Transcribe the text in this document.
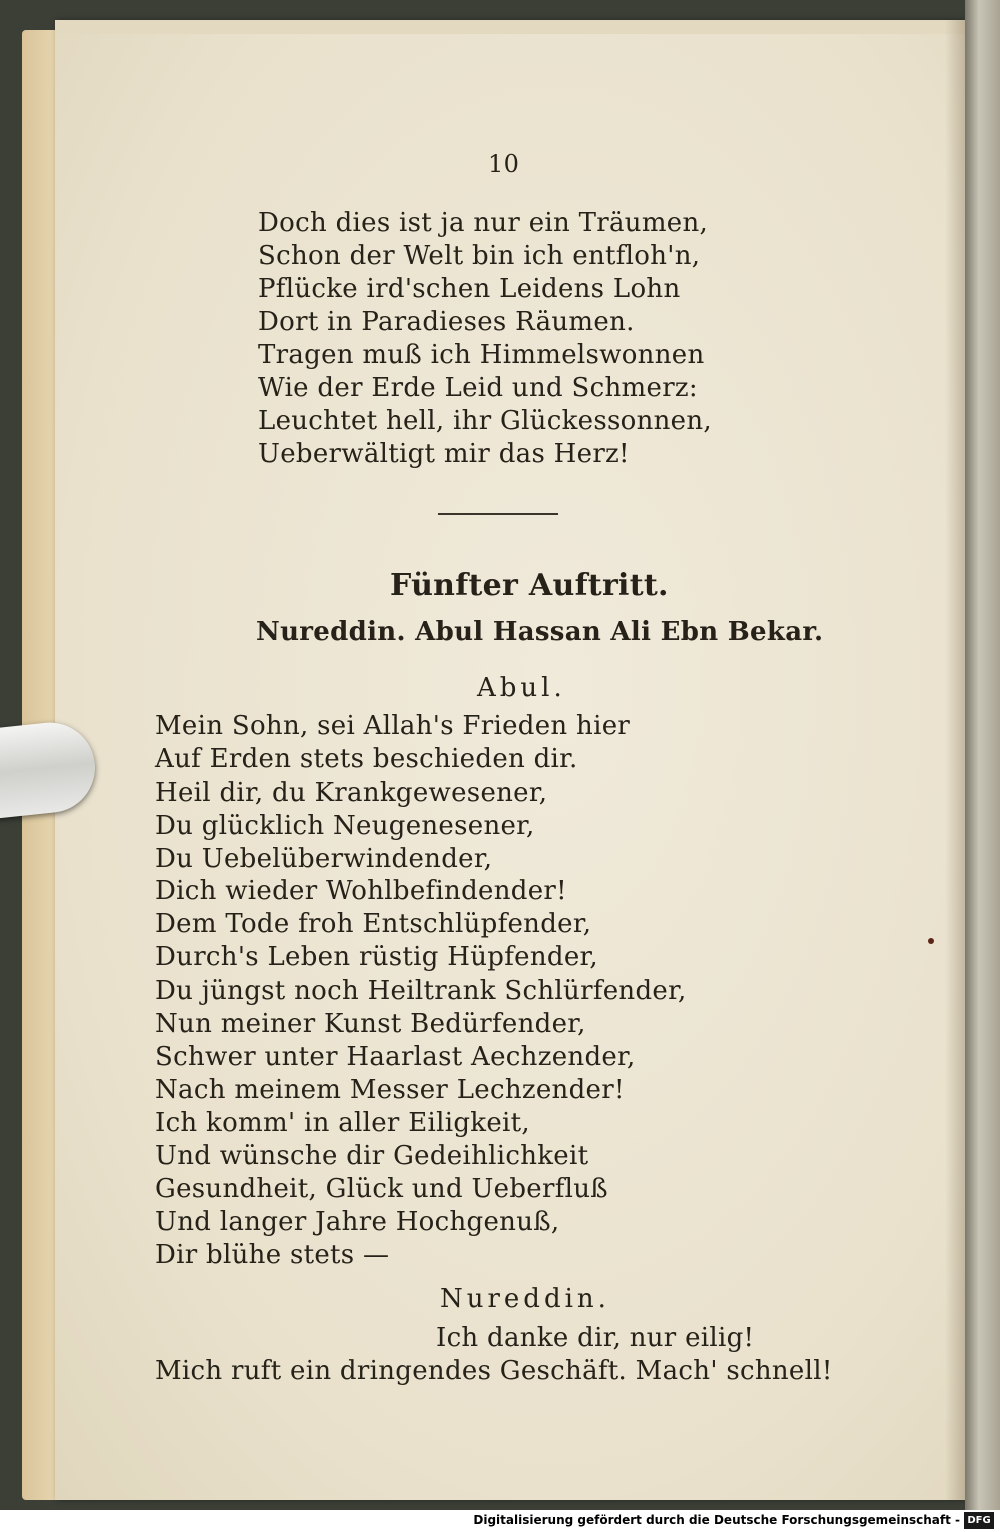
10
Doch dies ist ja nur ein Träumen,
Schon der Welt bin ich entfloh'n,
Pflücke ird'schen Leidens Lohn
Dort in Paradieses Räumen.
Tragen muß ich Himmelswonnen
Wie der Erde Leid und Schmerz:
Leuchtet hell, ihr Glückessonnen,
Ueberwältigt mir das Herz!
Fünfter Auftritt.
Nureddin. Abul Hassan Ali Ebn Bekar.
Abul.
Mein Sohn, sei Allah's Frieden hier
Auf Erden stets beschieden dir.
Heil dir, du Krankgewesener,
Du glücklich Neugenesener,
Du Uebelüberwindender,
Dich wieder Wohlbefindender!
Dem Tode froh Entschlüpfender,
Durch's Leben rüstig Hüpfender,
Du jüngst noch Heiltrank Schlürfender,
Nun meiner Kunst Bedürfender,
Schwer unter Haarlast Aechzender,
Nach meinem Messer Lechzender!
Ich komm' in aller Eiligkeit,
Und wünsche dir Gedeihlichkeit
Gesundheit, Glück und Ueberfluß
Und langer Jahre Hochgenuß,
Dir blühe stets —
Nureddin.
Ich danke dir, nur eilig!
Mich ruft ein dringendes Geschäft. Mach' schnell!
Digitalisierung gefördert durch die Deutsche Forschungsgemeinschaft - DFG
